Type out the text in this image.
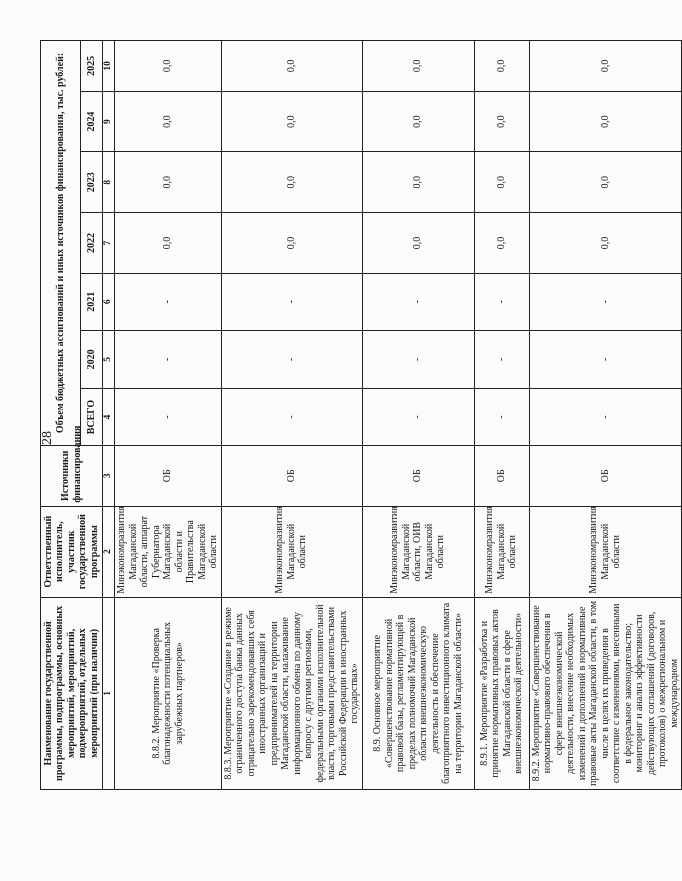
28
Наименование государственной программы, подпрограммы, основных мероприятий, мероприятий, подмероприятий, отдельных мероприятий (при наличии)	Ответственный исполнитель, участник государственной программы	Источники финансирования	Объем бюджетных ассигнований и иных источников финансирования, тыс. рублей:						
			ВСЕГО	2020	2021	2022	2023	2024	2025
1	2	3	4	5	6	7	8	9	10
8.8.2. Мероприятие «Проверка благонадежности потенциальных зарубежных партнеров»	Минэкономразвития Магаданской области, аппарат Губернатора Магаданской области и Правительства Магаданской области	ОБ	-	-	-	0,0	0,0	0,0	0,0
8.8.3. Мероприятие «Создание в режиме ограниченного доступа банка данных отрицательно зарекомендовавших себя иностранных организаций и предпринимателей на территории Магаданской области, налаживание информационного обмена по данному вопросу с другими регионами, федеральными органами исполнительной власти, торговыми представительствами Российской Федерации в иностранных государствах»	Минэкономразвития Магаданской области	ОБ	-	-	-	0,0	0,0	0,0	0,0
8.9. Основное мероприятие «Совершенствование нормативной правовой базы, регламентирующей в пределах полномочий Магаданской области внешнеэкономическую деятельность и обеспечение благоприятного инвестиционного климата на территории Магаданской области»	Минэкономразвития Магаданской области, ОИВ Магаданской области	ОБ	-	-	-	0,0	0,0	0,0	0,0
8.9.1. Мероприятие «Разработка и принятие нормативных правовых актов Магаданской области в сфере внешнеэкономической деятельности»	Минэкономразвития Магаданской области	ОБ	-	-	-	0,0	0,0	0,0	0,0
8.9.2. Мероприятие «Совершенствование нормативно-правового обеспечения в сфере внешнеэкономической деятельности, внесение необходимых изменений и дополнений в нормативные правовые акты Магаданской области, в том числе в целях их приведения в соответствие с изменениями, внесенными в федеральное законодательство; мониторинг и анализ эффективности действующих соглашений (договоров, протоколов) о межрегиональном и международном	Минэкономразвития Магаданской области	ОБ	-	-	-	0,0	0,0	0,0	0,0
